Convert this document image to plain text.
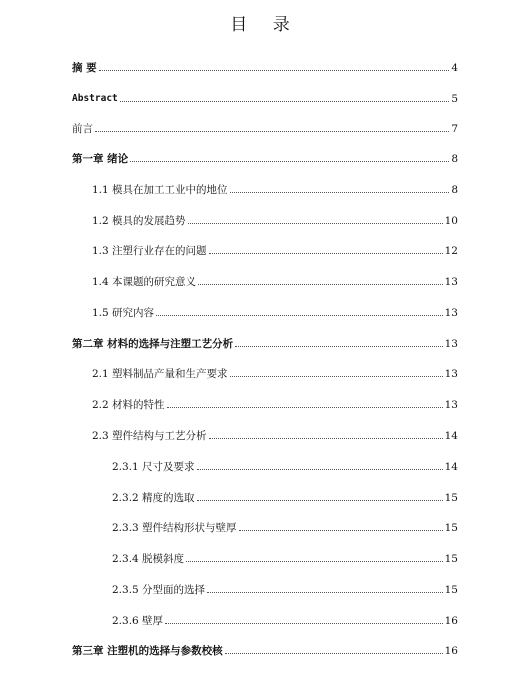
目 录
摘 要	4
Abstract	5
前言	7
第一章 绪论	8
1.1 模具在加工工业中的地位	8
1.2 模具的发展趋势	10
1.3 注塑行业存在的问题	12
1.4 本课题的研究意义	13
1.5 研究内容	13
第二章 材料的选择与注塑工艺分析	13
2.1 塑料制品产量和生产要求	13
2.2 材料的特性	13
2.3 塑件结构与工艺分析	14
2.3.1 尺寸及要求	14
2.3.2 精度的选取	15
2.3.3 塑件结构形状与壁厚	15
2.3.4 脱模斜度	15
2.3.5 分型面的选择	15
2.3.6 壁厚	16
第三章 注塑机的选择与参数校核	16
